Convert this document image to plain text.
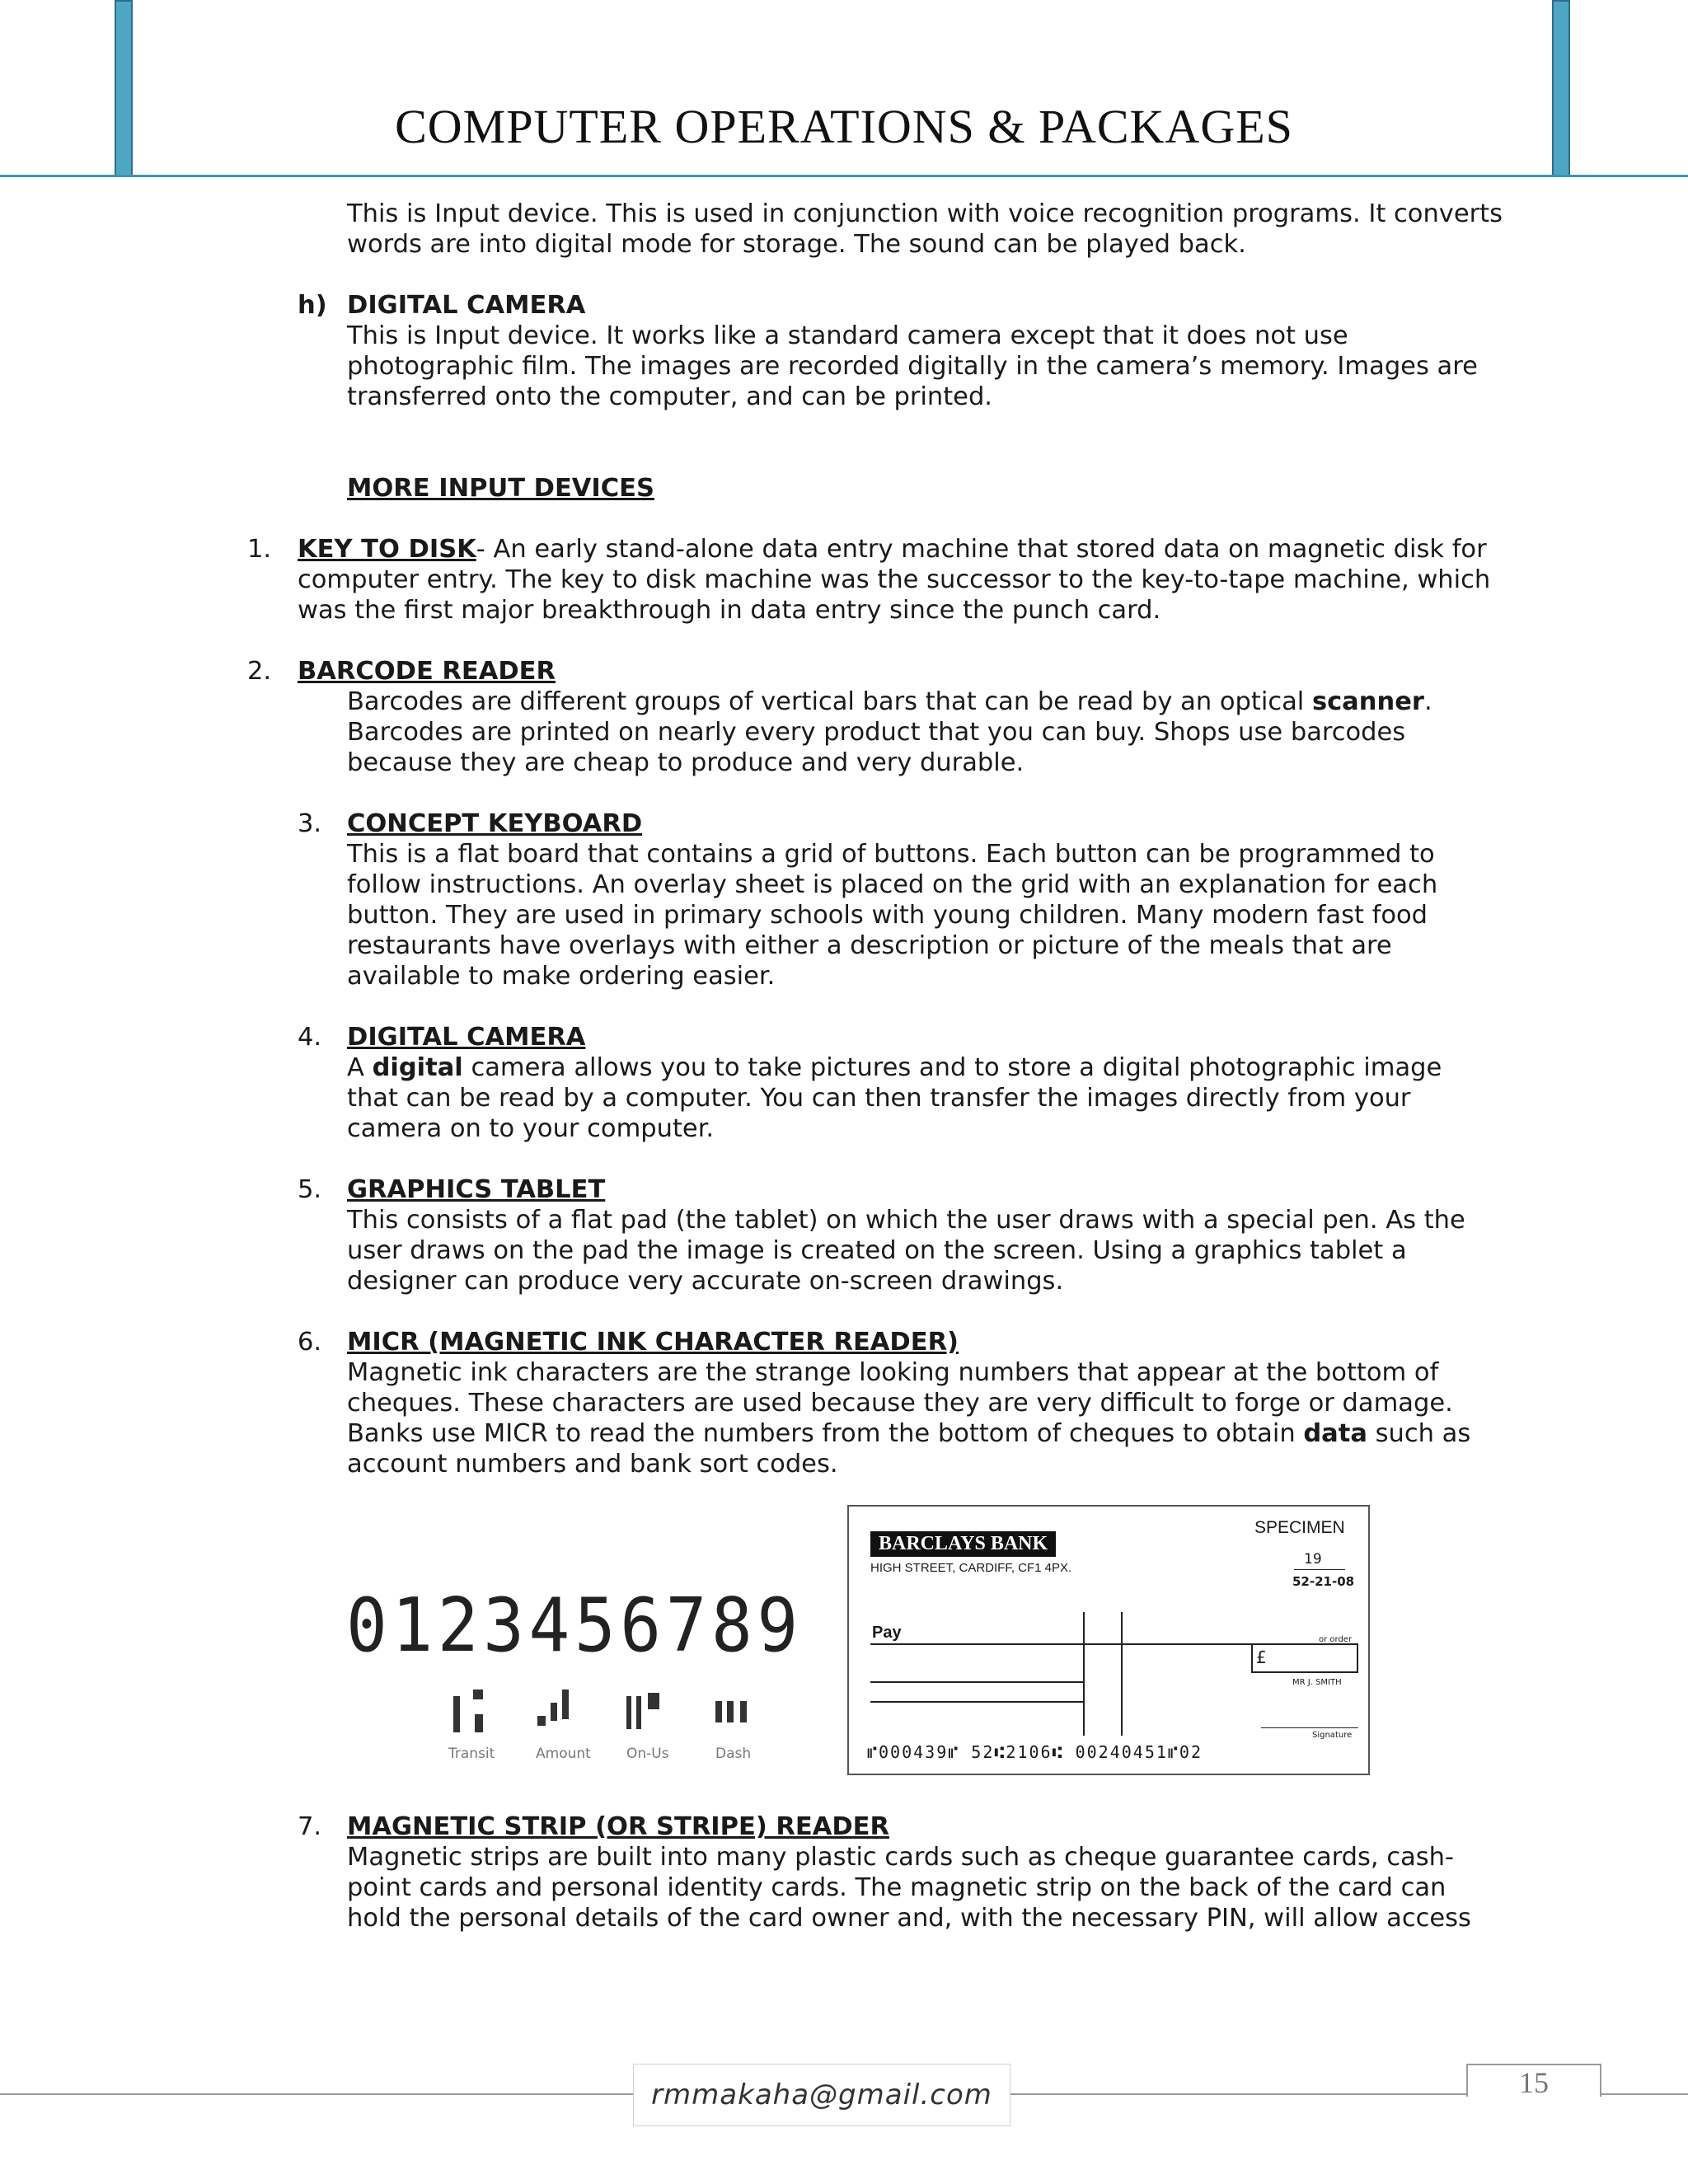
COMPUTER OPERATIONS & PACKAGES

This is Input device. This is used in conjunction with voice recognition programs. It converts

words are into digital mode for storage. The sound can be played back.

h) DIGITAL CAMERA

This is Input device. It works like a standard camera except that it does not use

photographic film. The images are recorded digitally in the camera’s memory. Images are

transferred onto the computer, and can be printed.

MORE INPUT DEVICES
1. KEY TO DISK- An early stand-alone data entry machine that stored data on magnetic disk for

computer entry. The key to disk machine was the successor to the key-to-tape machine, which

was the first major breakthrough in data entry since the punch card.

2. BARCODE READER

Barcodes are different groups of vertical bars that can be read by an optical scanner.

Barcodes are printed on nearly every product that you can buy. Shops use barcodes

because they are cheap to produce and very durable.

3. CONCEPT KEYBOARD

This is a flat board that contains a grid of buttons. Each button can be programmed to

follow instructions. An overlay sheet is placed on the grid with an explanation for each

button. They are used in primary schools with young children. Many modern fast food

restaurants have overlays with either a description or picture of the meals that are

available to make ordering easier.

4. DIGITAL CAMERA

A digital camera allows you to take pictures and to store a digital photographic image

that can be read by a computer. You can then transfer the images directly from your

camera on to your computer.

5. GRAPHICS TABLET

This consists of a flat pad (the tablet) on which the user draws with a special pen. As the

user draws on the pad the image is created on the screen. Using a graphics tablet a

designer can produce very accurate on-screen drawings.

6. MICR (MAGNETIC INK CHARACTER READER)

Magnetic ink characters are the strange looking numbers that appear at the bottom of

cheques. These characters are used because they are very difficult to forge or damage.

Banks use MICR to read the numbers from the bottom of cheques to obtain data such as

account numbers and bank sort codes.

0123456789
Transit	Amount	On-Us	Dash
BARCLAYS BANK
HIGH STREET, CARDIFF, CF1 4PX.
SPECIMEN
19
52-21-08
Pay	or order
£
MR J. SMITH
Signature
⑈000439⑈ 52⑆2106⑆ 00240451⑈02
7. MAGNETIC STRIP (OR STRIPE) READER

Magnetic strips are built into many plastic cards such as cheque guarantee cards, cash-

point cards and personal identity cards. The magnetic strip on the back of the card can

hold the personal details of the card owner and, with the necessary PIN, will allow access

rmmakaha@gmail.com	15
